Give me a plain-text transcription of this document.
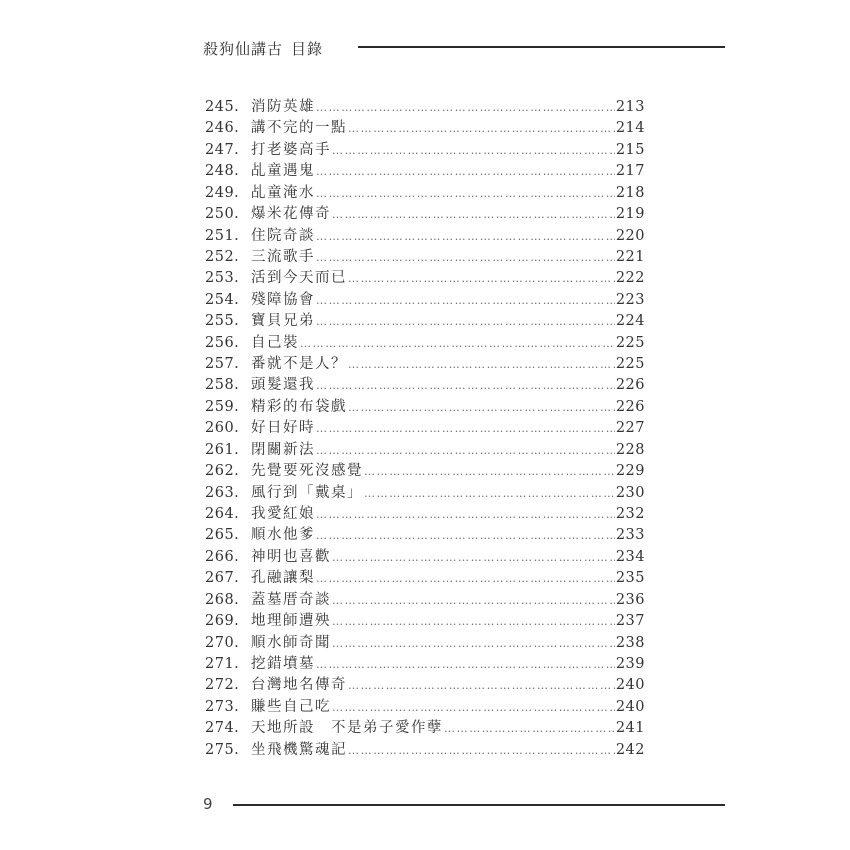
殺狗仙講古 目錄
245. 消防英雄 …………………………………………………………………………………………………………………………………………	213
246. 講不完的一點 …………………………………………………………………………………………………………………………………………	214
247. 打老婆高手 …………………………………………………………………………………………………………………………………………	215
248. 乩童遇鬼 …………………………………………………………………………………………………………………………………………	217
249. 乩童淹水 …………………………………………………………………………………………………………………………………………	218
250. 爆米花傳奇 …………………………………………………………………………………………………………………………………………	219
251. 住院奇談 …………………………………………………………………………………………………………………………………………	220
252. 三流歌手 …………………………………………………………………………………………………………………………………………	221
253. 活到今天而已 …………………………………………………………………………………………………………………………………………	222
254. 殘障協會 …………………………………………………………………………………………………………………………………………	223
255. 寶貝兄弟 …………………………………………………………………………………………………………………………………………	224
256. 自己裝 …………………………………………………………………………………………………………………………………………	225
257. 番就不是人？ …………………………………………………………………………………………………………………………………………	225
258. 頭髮還我 …………………………………………………………………………………………………………………………………………	226
259. 精彩的布袋戲 …………………………………………………………………………………………………………………………………………	226
260. 好日好時 …………………………………………………………………………………………………………………………………………	227
261. 閉關新法 …………………………………………………………………………………………………………………………………………	228
262. 先覺要死沒感覺 …………………………………………………………………………………………………………………………………………	229
263. 風行到「戴桌」 …………………………………………………………………………………………………………………………………………	230
264. 我愛紅娘 …………………………………………………………………………………………………………………………………………	232
265. 順水他爹 …………………………………………………………………………………………………………………………………………	233
266. 神明也喜歡 …………………………………………………………………………………………………………………………………………	234
267. 孔融讓梨 …………………………………………………………………………………………………………………………………………	235
268. 蓋墓厝奇談 …………………………………………………………………………………………………………………………………………	236
269. 地理師遭殃 …………………………………………………………………………………………………………………………………………	237
270. 順水師奇聞 …………………………………………………………………………………………………………………………………………	238
271. 挖錯墳墓 …………………………………………………………………………………………………………………………………………	239
272. 台灣地名傳奇 …………………………………………………………………………………………………………………………………………	240
273. 賺些自己吃 …………………………………………………………………………………………………………………………………………	240
274. 天地所設　不是弟子愛作孽 …………………………………………………………………………………………………………………………………………	241
275. 坐飛機驚魂記 …………………………………………………………………………………………………………………………………………	242
9
